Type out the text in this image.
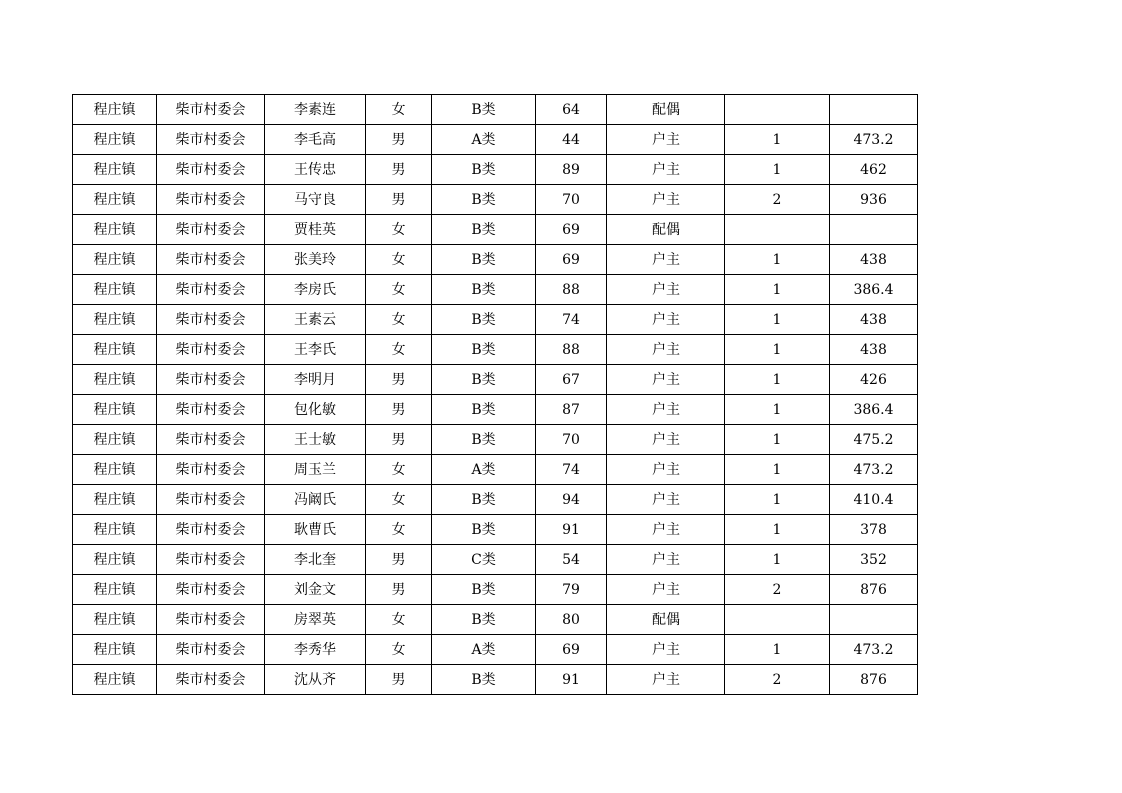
程庄镇	柴市村委会	李素连	女	B类	64	配偶		
程庄镇	柴市村委会	李毛高	男	A类	44	户主	1	473.2
程庄镇	柴市村委会	王传忠	男	B类	89	户主	1	462
程庄镇	柴市村委会	马守良	男	B类	70	户主	2	936
程庄镇	柴市村委会	贾桂英	女	B类	69	配偶		
程庄镇	柴市村委会	张美玲	女	B类	69	户主	1	438
程庄镇	柴市村委会	李房氏	女	B类	88	户主	1	386.4
程庄镇	柴市村委会	王素云	女	B类	74	户主	1	438
程庄镇	柴市村委会	王李氏	女	B类	88	户主	1	438
程庄镇	柴市村委会	李明月	男	B类	67	户主	1	426
程庄镇	柴市村委会	包化敏	男	B类	87	户主	1	386.4
程庄镇	柴市村委会	王士敏	男	B类	70	户主	1	475.2
程庄镇	柴市村委会	周玉兰	女	A类	74	户主	1	473.2
程庄镇	柴市村委会	冯阚氏	女	B类	94	户主	1	410.4
程庄镇	柴市村委会	耿曹氏	女	B类	91	户主	1	378
程庄镇	柴市村委会	李北奎	男	C类	54	户主	1	352
程庄镇	柴市村委会	刘金文	男	B类	79	户主	2	876
程庄镇	柴市村委会	房翠英	女	B类	80	配偶		
程庄镇	柴市村委会	李秀华	女	A类	69	户主	1	473.2
程庄镇	柴市村委会	沈从齐	男	B类	91	户主	2	876
